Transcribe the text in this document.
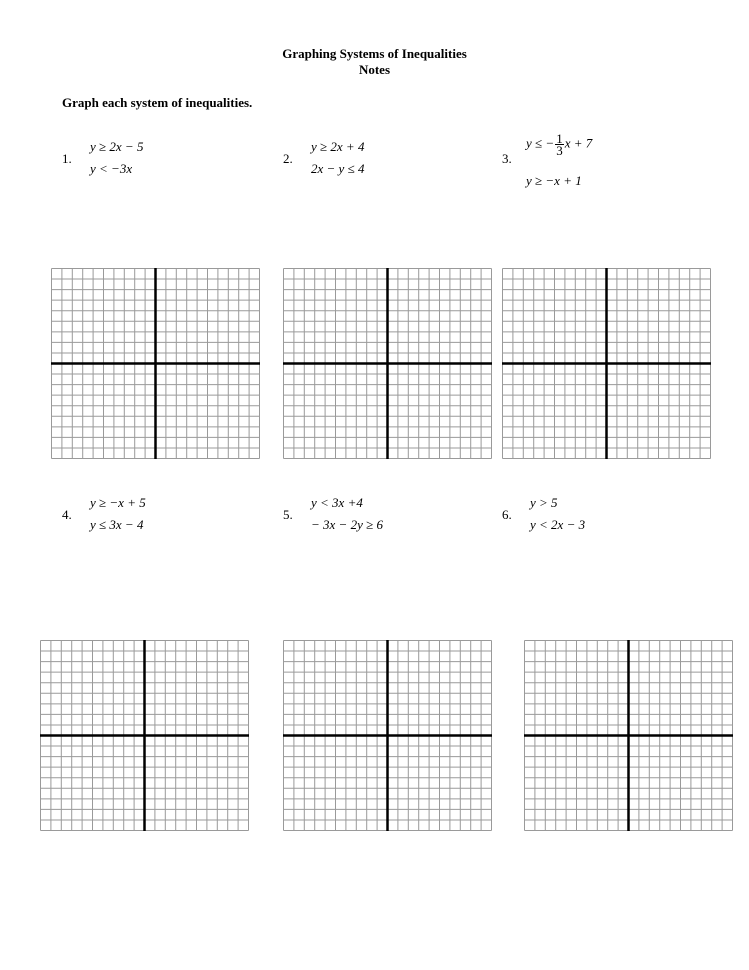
Graphing Systems of Inequalities
Notes
Graph each system of inequalities.
1.
y ≥ 2x − 5
y < −3x
2.
y ≥ 2x + 4
2x − y ≤ 4
3.
y ≤ − $\frac{1}{3}$ x + 7
y ≥ −x + 1
4.
y ≥ −x + 5
y ≤ 3x − 4
5.
y < 3x +4
− 3x − 2y ≥ 6
6.
y > 5
y < 2x − 3
